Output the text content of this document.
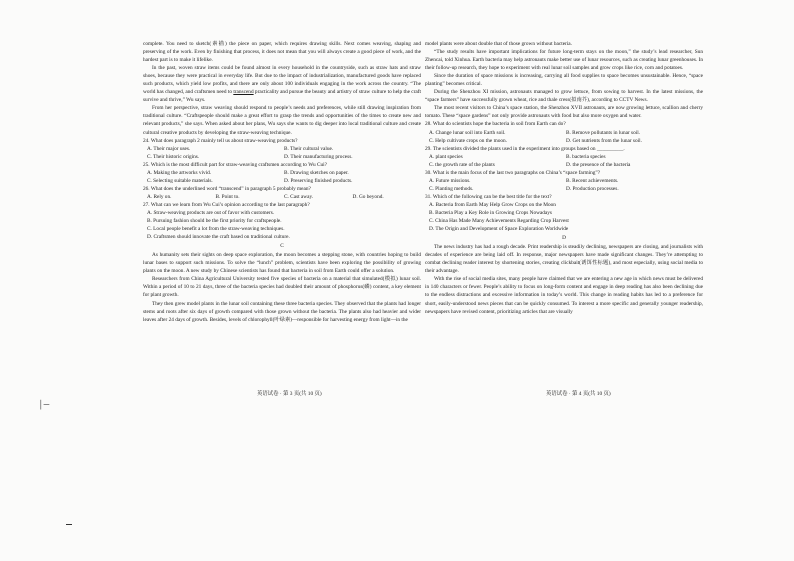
complete. You need to sketch(素描) the piece on paper, which requires drawing skills. Next comes weaving, shaping and preserving of the work. Even by finishing that process, it does not mean that you will always create a good piece of work, and the hardest part is to make it lifelike.

In the past, woven straw items could be found almost in every household in the countryside, such as straw hats and straw shoes, because they were practical in everyday life. But due to the impact of industrialization, manufactured goods have replaced such products, which yield low profits, and there are only about 100 individuals engaging in the work across the country. “The world has changed, and craftsmen need to transcend practicality and pursue the beauty and artistry of straw culture to help the craft survive and thrive,” Wu says.

From her perspective, straw weaving should respond to people’s needs and preferences, while still drawing inspiration from traditional culture. “Craftspeople should make a great effort to grasp the trends and opportunities of the times to create new and relevant products,” she says. When asked about her plans, Wu says she wants to dig deeper into local traditional culture and create cultural creative products by developing the straw-weaving technique.

24. What does paragraph 2 mainly tell us about straw-weaving products?

A. Their major uses.	B. Their cultural value.
C. Their historic origins.	D. Their manufacturing process.

25. Which is the most difficult part for straw-weaving craftsmen according to Wu Cui?

A. Making the artworks vivid.	B. Drawing sketches on paper.
C. Selecting suitable materials.	D. Preserving finished products.

26. What does the underlined word “transcend” in paragraph 5 probably mean?

A. Rely on.	B. Point to.	C. Cast away.	D. Go beyond.

27. What can we learn from Wu Cui’s opinion according to the last paragraph?

A. Straw-weaving products are out of favor with customers.
B. Pursuing fashion should be the first priority for craftspeople.
C. Local people benefit a lot from the straw-weaving techniques.
D. Craftsmen should innovate the craft based on traditional culture.
C

As humanity sets their sights on deep space exploration, the moon becomes a stepping stone, with countries hoping to build lunar bases to support such missions. To solve the “lunch” problem, scientists have been exploring the possibility of growing plants on the moon. A new study by Chinese scientists has found that bacteria in soil from Earth could offer a solution.

Researchers from China Agricultural University tested five species of bacteria on a material that simulated(模拟) lunar soil. Within a period of 10 to 21 days, three of the bacteria species had doubled their amount of phosphorus(磷) content, a key element for plant growth.

They then grew model plants in the lunar soil containing these three bacteria species. They observed that the plants had longer stems and roots after six days of growth compared with those grown without the bacteria. The plants also had heavier and wider leaves after 24 days of growth. Besides, levels of chlorophyll(叶绿素)—responsible for harvesting energy from light—in the

model plants were about double that of those grown without bacteria.

“The study results have important implications for future long-term stays on the moon,” the study’s lead researcher, Sun Zhencai, told Xinhua. Earth bacteria may help astronauts make better use of lunar resources, such as creating lunar greenhouses. In their follow-up research, they hope to experiment with real lunar soil samples and grow crops like rice, corn and potatoes.

Since the duration of space missions is increasing, carrying all food supplies to space becomes unsustainable. Hence, “space planting” becomes critical.

During the Shenzhou XI mission, astronauts managed to grow lettuce, from sowing to harvest. In the latest missions, the “space farmers” have successfully grown wheat, rice and thale cress(拟南芥), according to CCTV News.

The most recent visitors to China’s space station, the Shenzhou XVII astronauts, are now growing lettuce, scallion and cherry tomato. These “space gardens” not only provide astronauts with food but also more oxygen and water.

28. What do scientists hope the bacteria in soil from Earth can do?

A. Change lunar soil into Earth soil.	B. Remove pollutants in lunar soil.
C. Help cultivate crops on the moon.	D. Get nutrients from the lunar soil.

29. The scientists divided the plants used in the experiment into groups based on __________.

A. plant species	B. bacteria species
C. the growth rate of the plants	D. the presence of the bacteria

30. What is the main focus of the last two paragraphs on China’s “space farming”?

A. Future missions.	B. Recent achievements.
C. Planting methods.	D. Production processes.

31. Which of the following can be the best title for the text?

A. Bacteria from Earth May Help Grow Crops on the Moon
B. Bacteria Play a Key Role in Growing Crops Nowadays
C. China Has Made Many Achievements Regarding Crop Harvest
D. The Origin and Development of Space Exploration Worldwide
D

The news industry has had a rough decade. Print readership is steadily declining, newspapers are closing, and journalists with decades of experience are being laid off. In response, major newspapers have made significant changes. They’re attempting to combat declining reader interest by shortening stories, creating clickbait(诱饵性标题), and most especially, using social media to their advantage.

With the rise of social media sites, many people have claimed that we are entering a new age in which news must be delivered in 140 characters or fewer. People’s ability to focus on long-form content and engage in deep reading has also been declining due to the endless distractions and excessive information in today’s world. This change in reading habits has led to a preference for short, easily-understood news pieces that can be quickly consumed. To interest a more specific and generally younger readership, newspapers have revised content, prioritizing articles that are visually

英语试卷 · 第 3 页(共 10 页)	英语试卷 · 第 4 页(共 10 页)
│─
